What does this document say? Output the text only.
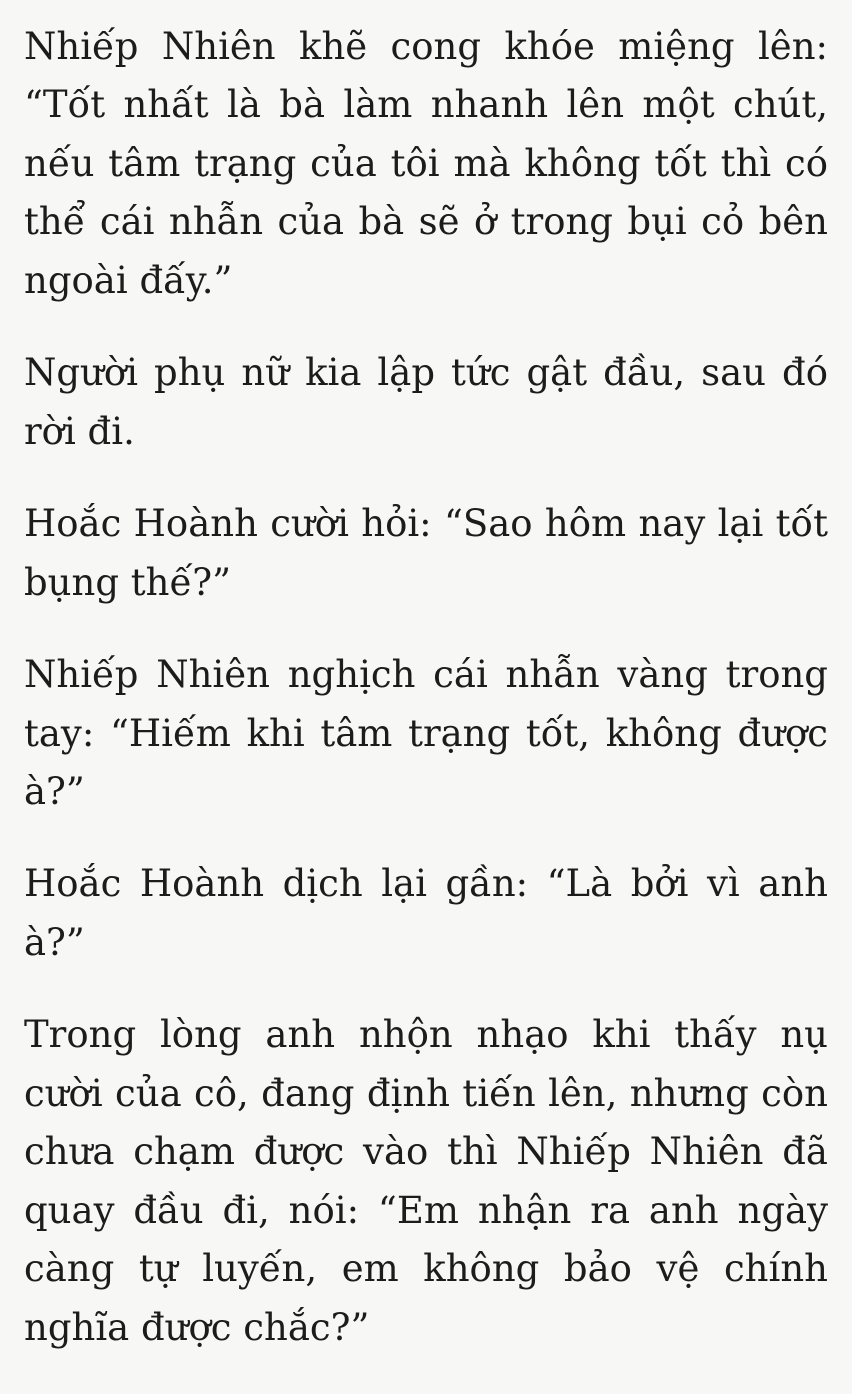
Nhiếp Nhiên khẽ cong khóe miệng lên: “Tốt nhất là bà làm nhanh lên một chút, nếu tâm trạng của tôi mà không tốt thì có thể cái nhẫn của bà sẽ ở trong bụi cỏ bên ngoài đấy.”

Người phụ nữ kia lập tức gật đầu, sau đó rời đi.

Hoắc Hoành cười hỏi: “Sao hôm nay lại tốt bụng thế?”

Nhiếp Nhiên nghịch cái nhẫn vàng trong tay: “Hiếm khi tâm trạng tốt, không được à?”

Hoắc Hoành dịch lại gần: “Là bởi vì anh à?”

Trong lòng anh nhộn nhạo khi thấy nụ cười của cô, đang định tiến lên, nhưng còn chưa chạm được vào thì Nhiếp Nhiên đã quay đầu đi, nói: “Em nhận ra anh ngày càng tự luyến, em không bảo vệ chính nghĩa được chắc?”
